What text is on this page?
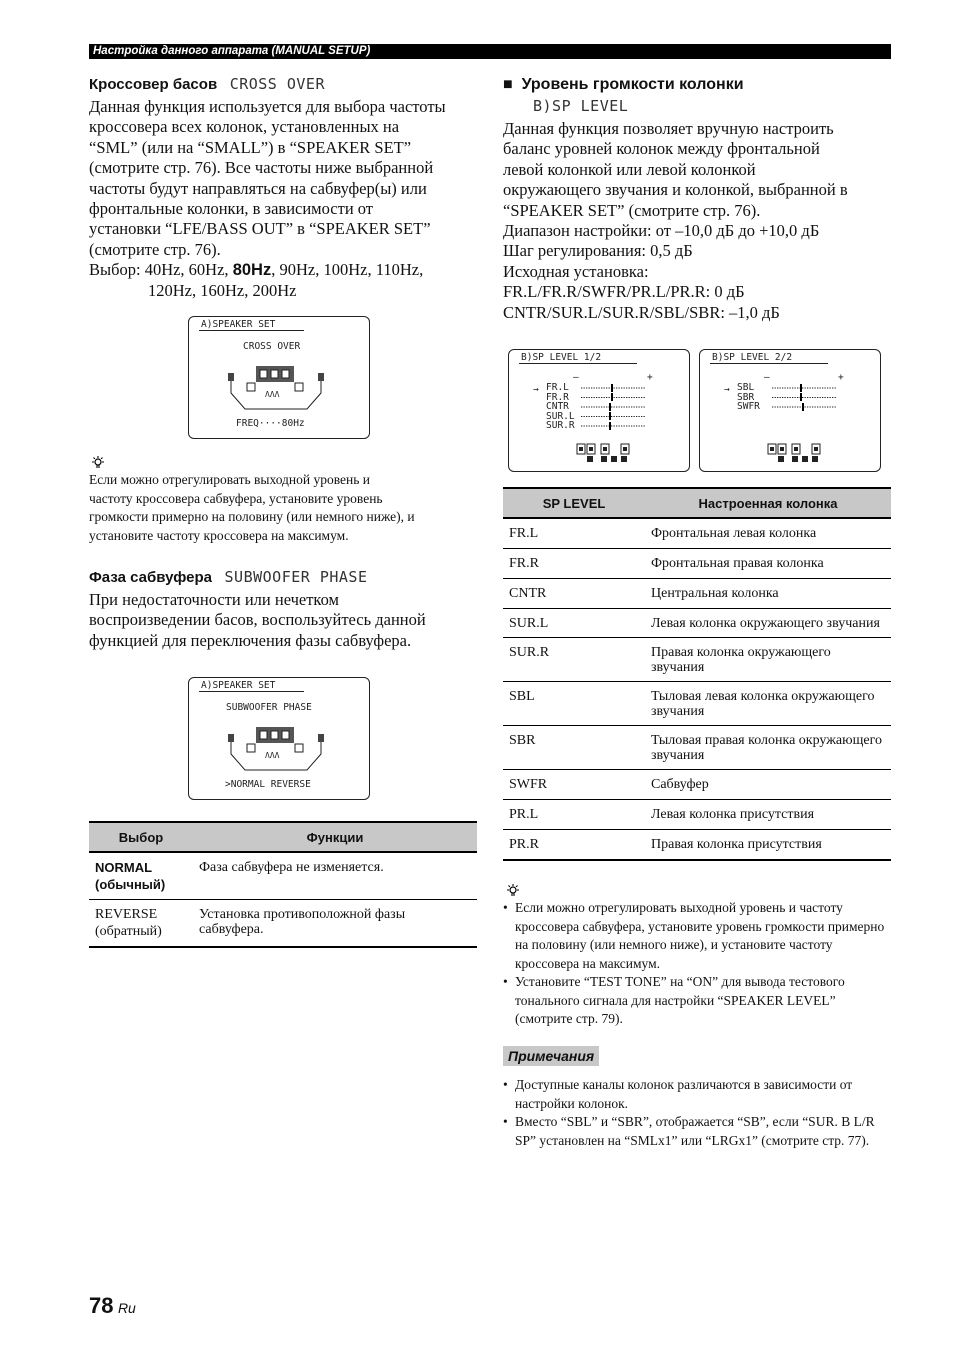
Настройка данного аппарата (MANUAL SETUP)
Кроссовер басов CROSS OVER
Данная функция используется для выбора частоты
кроссовера всех колонок, установленных на
“SML” (или на “SMALL”) в “SPEAKER SET”
(смотрите стр. 76). Все частоты ниже выбранной
частоты будут направляться на сабвуфер(ы) или
фронтальные колонки, в зависимости от
установки “LFE/BASS OUT” в “SPEAKER SET”
(смотрите стр. 76).
Выбор: 40Hz, 60Hz, 80Hz, 90Hz, 100Hz, 110Hz,
120Hz, 160Hz, 200Hz
A)SPEAKER SET
CROSS OVER
ΛΛΛ
FREQ····80Hz
Если можно отрегулировать выходной уровень и
частоту кроссовера сабвуфера, установите уровень
громкости примерно на половину (или немного ниже), и
установите частоту кроссовера на максимум.
Фаза сабвуфера SUBWOOFER PHASE
При недостаточности или нечетком
воспроизведении басов, воспользуйтесь данной
функцией для переключения фазы сабвуфера.
A)SPEAKER SET
SUBWOOFER PHASE
ΛΛΛ
>NORMAL REVERSE
Выбор	Функции

NORMAL
(обычный)	Фаза сабвуфера не изменяется.

REVERSE
(обратный)	Установка противоположной фазы сабвуфера.
■ Уровень громкости колонки
B)SP LEVEL
Данная функция позволяет вручную настроить
баланс уровней колонок между фронтальной
левой колонкой или левой колонкой
окружающего звучания и колонкой, выбранной в
“SPEAKER SET” (смотрите стр. 76).
Диапазон настройки: от –10,0 дБ до +10,0 дБ
Шаг регулирования: 0,5 дБ
Исходная установка:
FR.L/FR.R/SWFR/PR.L/PR.R: 0 дБ
CNTR/SUR.L/SUR.R/SBL/SBR: –1,0 дБ
B)SP LEVEL 1/2
–	+
→ FR.L
FR.R
CNTR
SUR.L
SUR.R
B)SP LEVEL 2/2
–	+
→ SBL
SBR
SWFR
SP LEVEL	Настроенная колонка
FR.L	Фронтальная левая колонка
FR.R	Фронтальная правая колонка
CNTR	Центральная колонка
SUR.L	Левая колонка окружающего звучания
SUR.R	Правая колонка окружающего звучания
SBL	Тыловая левая колонка окружающего звучания
SBR	Тыловая правая колонка окружающего звучания
SWFR	Сабвуфер
PR.L	Левая колонка присутствия
PR.R	Правая колонка присутствия
• Если можно отрегулировать выходной уровень и частоту кроссовера сабвуфера, установите уровень громкости примерно на половину (или немного ниже), и установите частоту кроссовера на максимум.
• Установите “TEST TONE” на “ON” для вывода тестового тонального сигнала для настройки “SPEAKER LEVEL” (смотрите стр. 79).
Примечания
• Доступные каналы колонок различаются в зависимости от настройки колонок.
• Вместо “SBL” и “SBR”, отображается “SB”, если “SUR. B L/R SP” установлен на “SMLx1” или “LRGx1” (смотрите стр. 77).
78 Ru
